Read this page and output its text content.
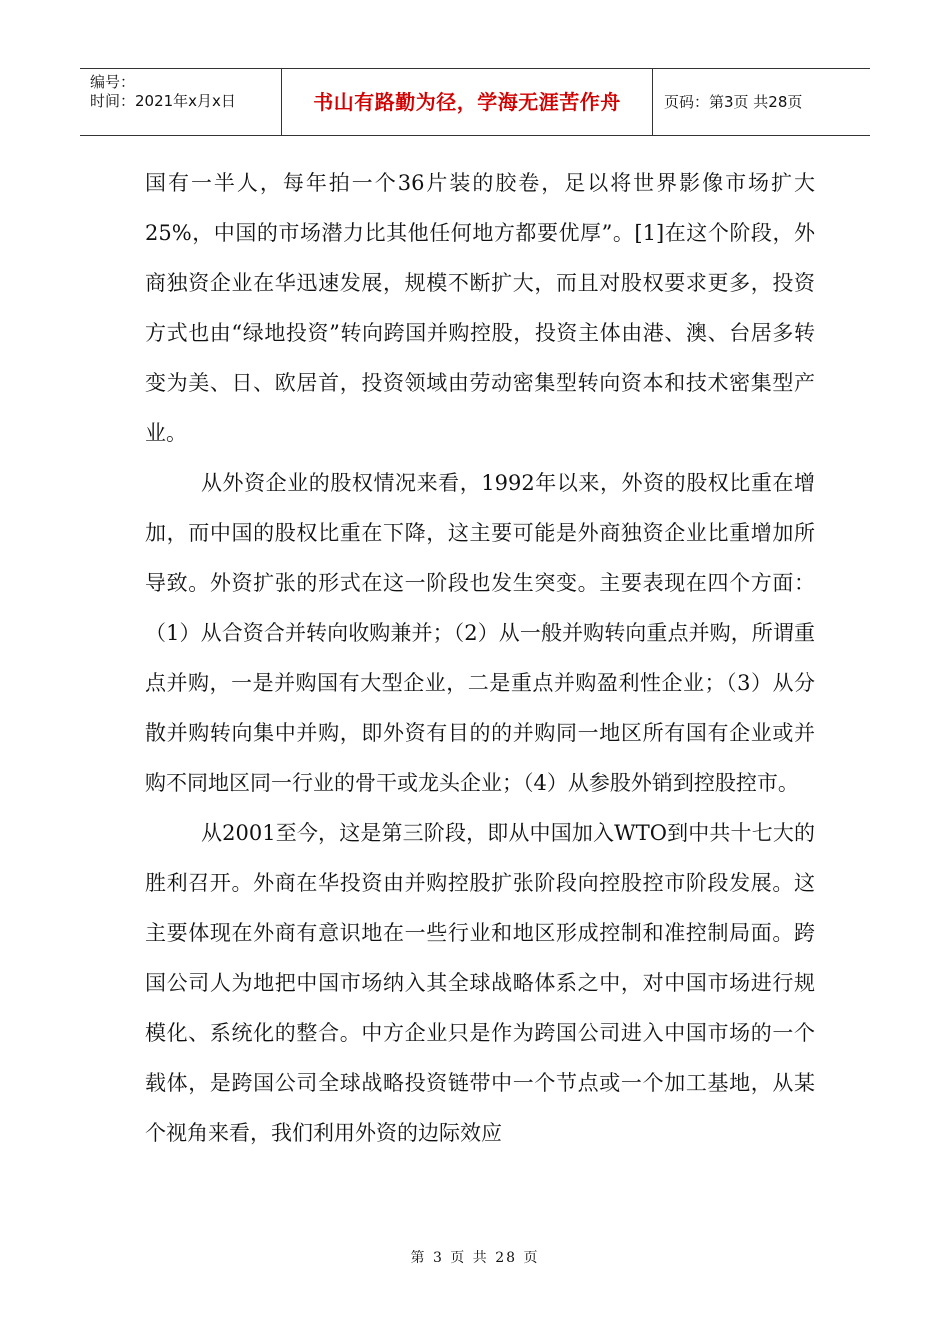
编号：
时间：2021年x月x日	书山有路勤为径，学海无涯苦作舟	页码：第3页 共28页

国有一半人，每年拍一个36片装的胶卷，足以将世界影像市场扩大25%，中国的市场潜力比其他任何地方都要优厚”。[1]在这个阶段，外商独资企业在华迅速发展，规模不断扩大，而且对股权要求更多，投资方式也由“绿地投资”转向跨国并购控股，投资主体由港、澳、台居多转变为美、日、欧居首，投资领域由劳动密集型转向资本和技术密集型产业。

从外资企业的股权情况来看，1992年以来，外资的股权比重在增加，而中国的股权比重在下降，这主要可能是外商独资企业比重增加所导致。外资扩张的形式在这一阶段也发生突变。主要表现在四个方面：（1）从合资合并转向收购兼并；（2）从一般并购转向重点并购，所谓重点并购，一是并购国有大型企业，二是重点并购盈利性企业；（3）从分散并购转向集中并购，即外资有目的的并购同一地区所有国有企业或并购不同地区同一行业的骨干或龙头企业；（4）从参股外销到控股控市。

从2001至今，这是第三阶段，即从中国加入WTO到中共十七大的胜利召开。外商在华投资由并购控股扩张阶段向控股控市阶段发展。这主要体现在外商有意识地在一些行业和地区形成控制和准控制局面。跨国公司人为地把中国市场纳入其全球战略体系之中，对中国市场进行规模化、系统化的整合。中方企业只是作为跨国公司进入中国市场的一个载体，是跨国公司全球战略投资链带中一个节点或一个加工基地，从某个视角来看，我们利用外资的边际效应

第 3 页 共 28 页
